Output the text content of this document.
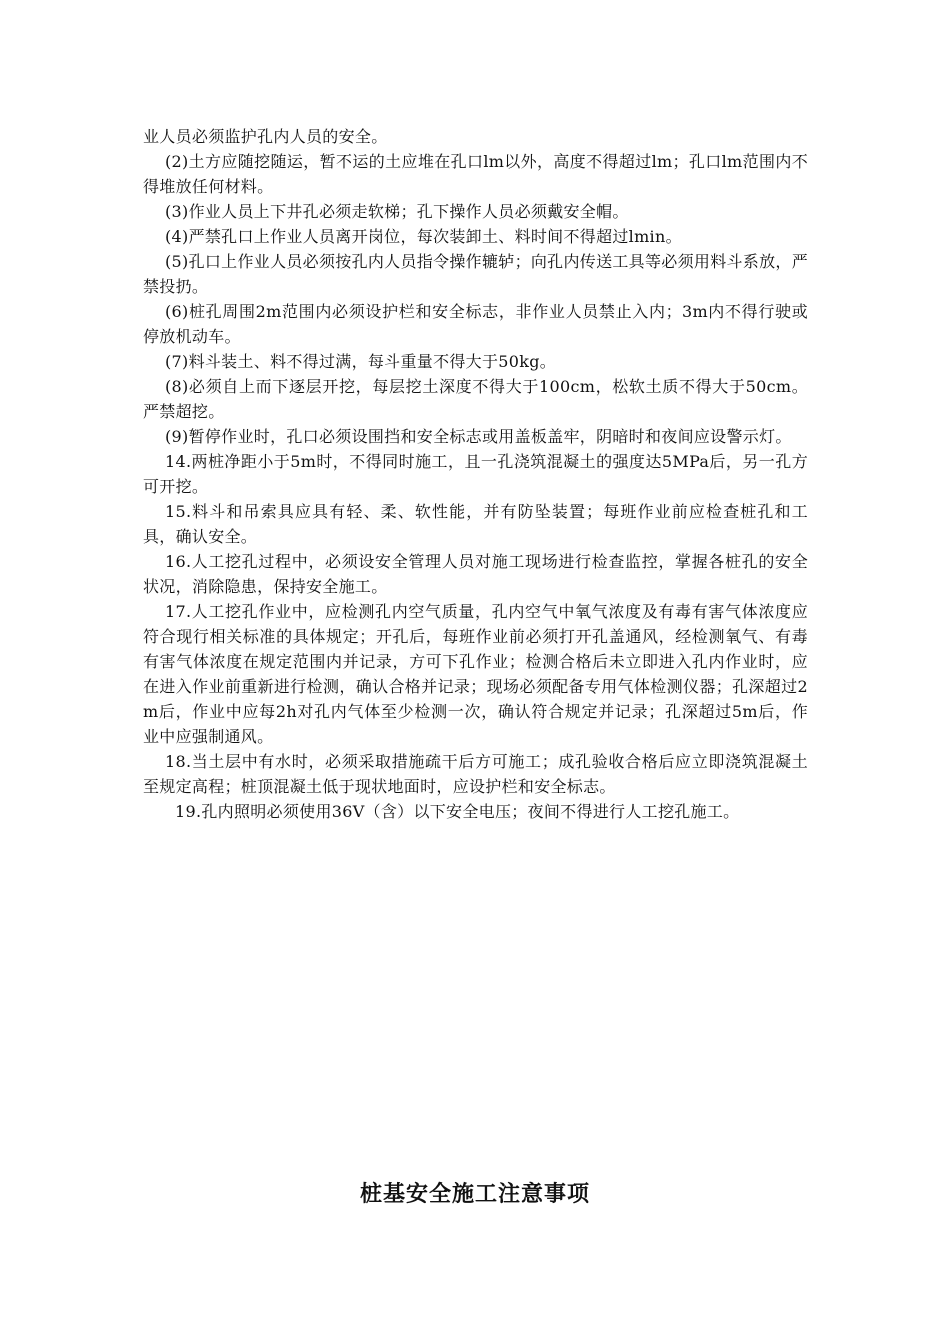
业人员必须监护孔内人员的安全。

(2)土方应随挖随运，暂不运的土应堆在孔口lm以外，高度不得超过lm；孔口lm范围内不得堆放任何材料。

(3)作业人员上下井孔必须走软梯；孔下操作人员必须戴安全帽。

(4)严禁孔口上作业人员离开岗位，每次装卸土、料时间不得超过lmin。

(5)孔口上作业人员必须按孔内人员指令操作辘轳；向孔内传送工具等必须用料斗系放，严禁投扔。

(6)桩孔周围2m范围内必须设护栏和安全标志，非作业人员禁止入内；3m内不得行驶或停放机动车。

(7)料斗装土、料不得过满，每斗重量不得大于50kg。

(8)必须自上而下逐层开挖，每层挖土深度不得大于100cm，松软土质不得大于50cm。严禁超挖。

(9)暂停作业时，孔口必须设围挡和安全标志或用盖板盖牢，阴暗时和夜间应设警示灯。

14.两桩净距小于5m时，不得同时施工，且一孔浇筑混凝土的强度达5MPa后，另一孔方可开挖。

15.料斗和吊索具应具有轻、柔、软性能，并有防坠装置；每班作业前应检查桩孔和工具，确认安全。

16.人工挖孔过程中，必须设安全管理人员对施工现场进行检查监控，掌握各桩孔的安全状况，消除隐患，保持安全施工。

17.人工挖孔作业中，应检测孔内空气质量，孔内空气中氧气浓度及有毒有害气体浓度应符合现行相关标准的具体规定；开孔后，每班作业前必须打开孔盖通风，经检测氧气、有毒有害气体浓度在规定范围内并记录，方可下孔作业；检测合格后未立即进入孔内作业时，应在进入作业前重新进行检测，确认合格并记录；现场必须配备专用气体检测仪器；孔深超过2m后，作业中应每2h对孔内气体至少检测一次，确认符合规定并记录；孔深超过5m后，作业中应强制通风。

18.当土层中有水时，必须采取措施疏干后方可施工；成孔验收合格后应立即浇筑混凝土至规定高程；桩顶混凝土低于现状地面时，应设护栏和安全标志。

19.孔内照明必须使用36V（含）以下安全电压；夜间不得进行人工挖孔施工。

桩基安全施工注意事项
